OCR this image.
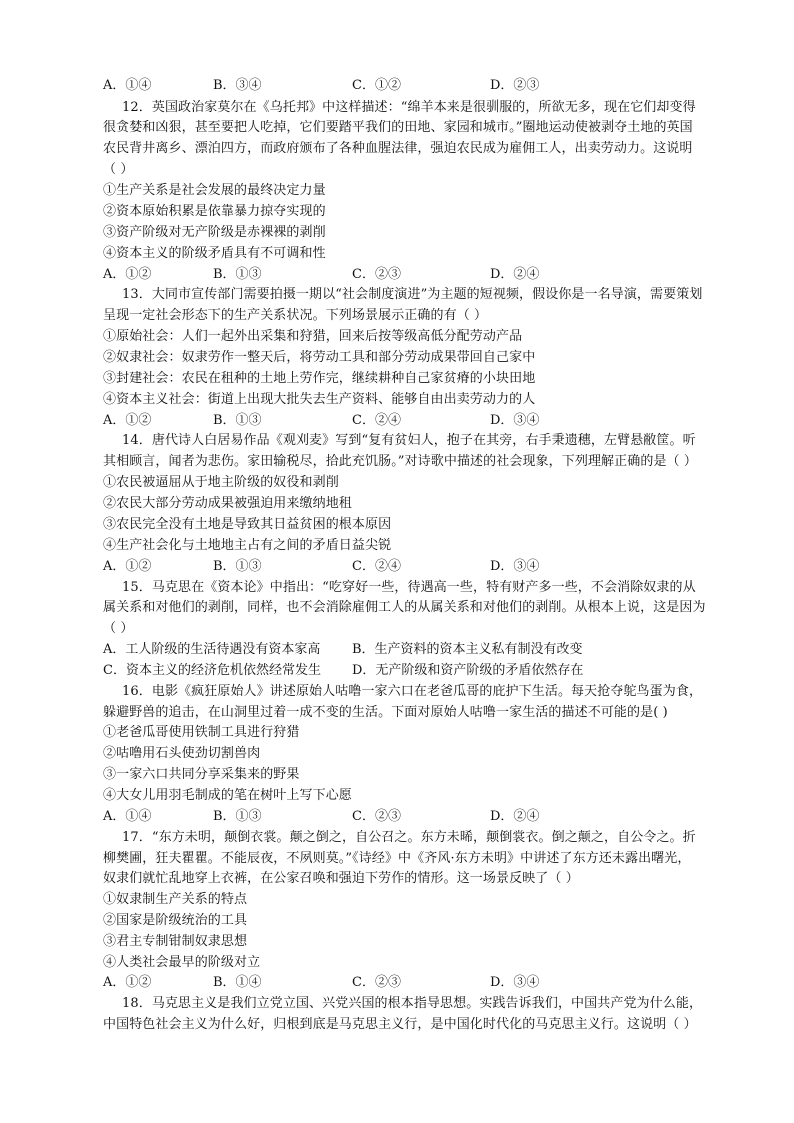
A．①④	B．③④	C．①②	D．②③
12．英国政治家莫尔在《乌托邦》中这样描述：“绵羊本来是很驯服的，所欲无多，现在它们却变得
很贪婪和凶狠，甚至要把人吃掉，它们要踏平我们的田地、家园和城市。”圈地运动使被剥夺土地的英国
农民背井离乡、漂泊四方，而政府颁布了各种血腥法律，强迫农民成为雇佣工人，出卖劳动力。这说明
（ ）
①生产关系是社会发展的最终决定力量
②资本原始积累是依靠暴力掠夺实现的
③资产阶级对无产阶级是赤裸裸的剥削
④资本主义的阶级矛盾具有不可调和性
A．①②	B．①③	C．②③	D．②④
13．大同市宣传部门需要拍摄一期以“社会制度演进”为主题的短视频，假设你是一名导演，需要策划
呈现一定社会形态下的生产关系状况。下列场景展示正确的有（ ）
①原始社会：人们一起外出采集和狩猎，回来后按等级高低分配劳动产品
②奴隶社会：奴隶劳作一整天后，将劳动工具和部分劳动成果带回自己家中
③封建社会：农民在租种的土地上劳作完，继续耕种自己家贫瘠的小块田地
④资本主义社会：街道上出现大批失去生产资料、能够自由出卖劳动力的人
A．①②	B．①③	C．②④	D．③④
14．唐代诗人白居易作品《观刈麦》写到“复有贫妇人，抱子在其旁，右手秉遗穗，左臂悬敝筐。听
其相顾言，闻者为悲伤。家田输税尽，拾此充饥肠。”对诗歌中描述的社会现象，下列理解正确的是（ ）
①农民被逼屈从于地主阶级的奴役和剥削
②农民大部分劳动成果被强迫用来缴纳地租
③农民完全没有土地是导致其日益贫困的根本原因
④生产社会化与土地地主占有之间的矛盾日益尖锐
A．①②	B．①③	C．②④	D．③④
15．马克思在《资本论》中指出：“吃穿好一些，待遇高一些，特有财产多一些，不会消除奴隶的从
属关系和对他们的剥削，同样，也不会消除雇佣工人的从属关系和对他们的剥削。从根本上说，这是因为
（ ）
A．工人阶级的生活待遇没有资本家高 B．生产资料的资本主义私有制没有改变
C．资本主义的经济危机依然经常发生 D．无产阶级和资产阶级的矛盾依然存在
16．电影《疯狂原始人》讲述原始人咕噜一家六口在老爸瓜哥的庇护下生活。每天抢夺鸵鸟蛋为食，
躲避野兽的追击，在山洞里过着一成不变的生活。下面对原始人咕噜一家生活的描述不可能的是( )
①老爸瓜哥使用铁制工具进行狩猎
②咕噜用石头使劲切割兽肉
③一家六口共同分享采集来的野果
④大女儿用羽毛制成的笔在树叶上写下心愿
A．①④	B．①③	C．②③	D．②④
17．“东方未明，颠倒衣裳。颠之倒之，自公召之。东方未晞，颠倒裳衣。倒之颠之，自公令之。折
柳樊圃，狂夫瞿瞿。不能辰夜，不夙则莫。”《诗经》中《齐风·东方未明》中讲述了东方还未露出曙光，
奴隶们就忙乱地穿上衣裤，在公家召唤和强迫下劳作的情形。这一场景反映了（ ）
①奴隶制生产关系的特点
②国家是阶级统治的工具
③君主专制钳制奴隶思想
④人类社会最早的阶级对立
A．①②	B．①④	C．②③	D．③④
18．马克思主义是我们立党立国、兴党兴国的根本指导思想。实践告诉我们，中国共产党为什么能，
中国特色社会主义为什么好，归根到底是马克思主义行，是中国化时代化的马克思主义行。这说明（ ）
